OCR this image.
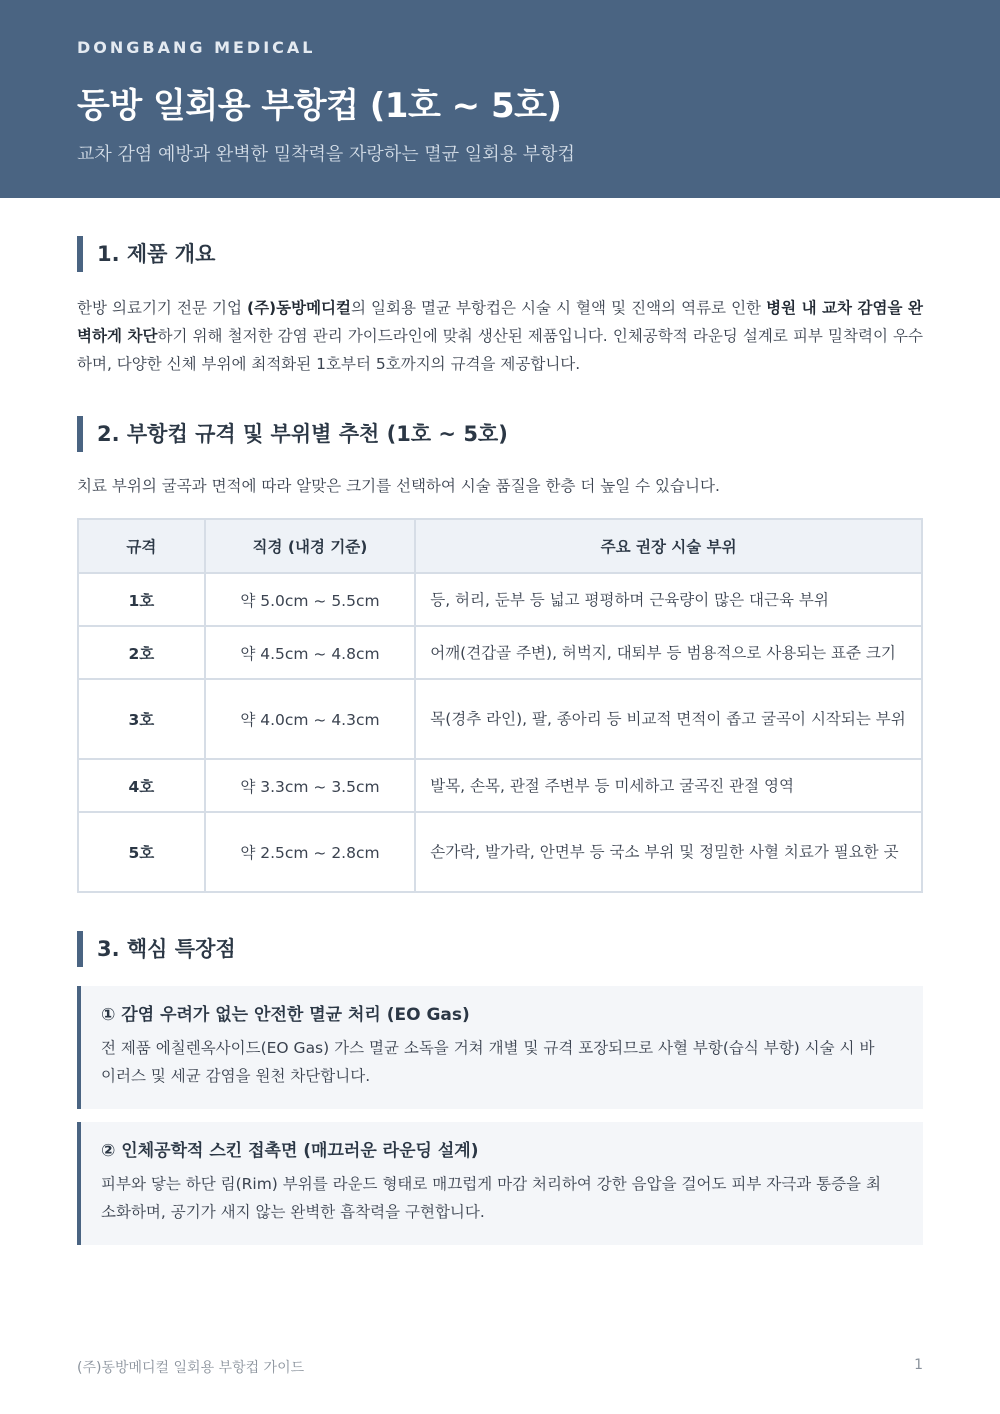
DONGBANG MEDICAL
동방 일회용 부항컵 (1호 ~ 5호)
교차 감염 예방과 완벽한 밀착력을 자랑하는 멸균 일회용 부항컵
1. 제품 개요

한방 의료기기 전문 기업 (주)동방메디컬의 일회용 멸균 부항컵은 시술 시 혈액 및 진액의 역류로 인한 병원 내 교차 감염을 완벽하게 차단하기 위해 철저한 감염 관리 가이드라인에 맞춰 생산된 제품입니다. 인체공학적 라운딩 설계로 피부 밀착력이 우수하며, 다양한 신체 부위에 최적화된 1호부터 5호까지의 규격을 제공합니다.

2. 부항컵 규격 및 부위별 추천 (1호 ~ 5호)

치료 부위의 굴곡과 면적에 따라 알맞은 크기를 선택하여 시술 품질을 한층 더 높일 수 있습니다.

규격	직경 (내경 기준)	주요 권장 시술 부위
1호	약 5.0cm ~ 5.5cm	등, 허리, 둔부 등 넓고 평평하며 근육량이 많은 대근육 부위
2호	약 4.5cm ~ 4.8cm	어깨(견갑골 주변), 허벅지, 대퇴부 등 범용적으로 사용되는 표준 크기
3호	약 4.0cm ~ 4.3cm	목(경추 라인), 팔, 종아리 등 비교적 면적이 좁고 굴곡이 시작되는 부위
4호	약 3.3cm ~ 3.5cm	발목, 손목, 관절 주변부 등 미세하고 굴곡진 관절 영역
5호	약 2.5cm ~ 2.8cm	손가락, 발가락, 안면부 등 국소 부위 및 정밀한 사혈 치료가 필요한 곳
3. 핵심 특장점
① 감염 우려가 없는 안전한 멸균 처리 (EO Gas)
전 제품 에칠렌옥사이드(EO Gas) 가스 멸균 소독을 거쳐 개별 및 규격 포장되므로 사혈 부항(습식 부항) 시술 시 바이러스 및 세균 감염을 원천 차단합니다.
② 인체공학적 스킨 접촉면 (매끄러운 라운딩 설계)
피부와 닿는 하단 림(Rim) 부위를 라운드 형태로 매끄럽게 마감 처리하여 강한 음압을 걸어도 피부 자극과 통증을 최소화하며, 공기가 새지 않는 완벽한 흡착력을 구현합니다.
(주)동방메디컬 일회용 부항컵 가이드	1
